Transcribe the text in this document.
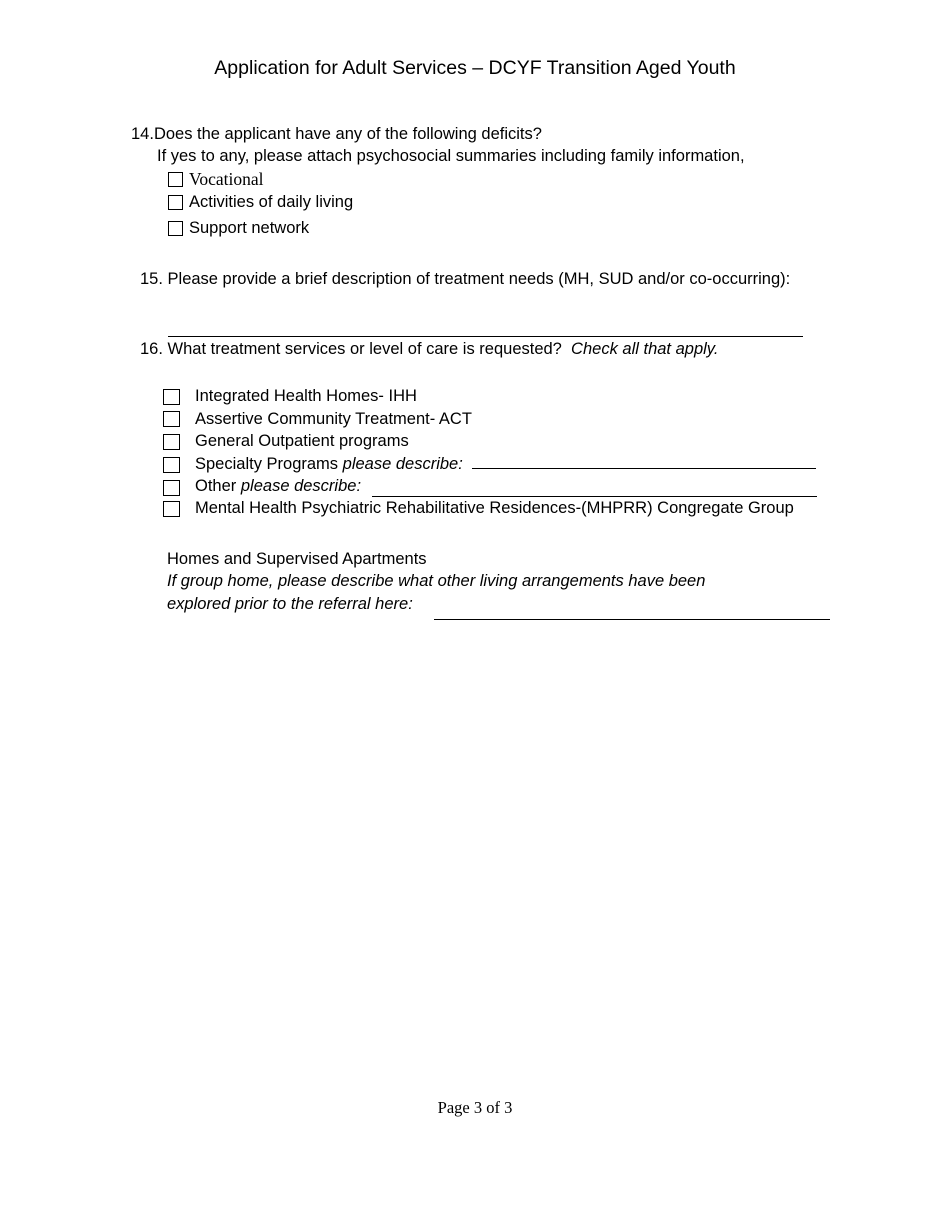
Application for Adult Services – DCYF Transition Aged Youth
14.Does the applicant have any of the following deficits?
If yes to any, please attach psychosocial summaries including family information,
Vocational
Activities of daily living
Support network
15. Please provide a brief description of treatment needs (MH, SUD and/or co-occurring):
16. What treatment services or level of care is requested? Check all that apply.
Integrated Health Homes- IHH
Assertive Community Treatment- ACT
General Outpatient programs
Specialty Programs please describe:
Other please describe:
Mental Health Psychiatric Rehabilitative Residences-(MHPRR) Congregate Group
Homes and Supervised Apartments
If group home, please describe what other living arrangements have been
explored prior to the referral here:
Page 3 of 3
